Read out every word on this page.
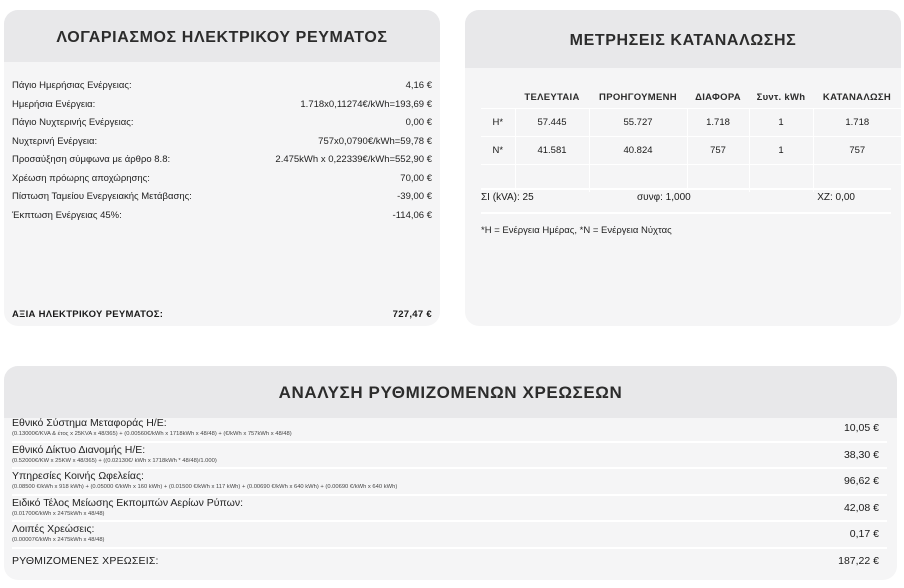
ΛΟΓΑΡΙΑΣΜΟΣ ΗΛΕΚΤΡΙΚΟΥ ΡΕΥΜΑΤΟΣ
Πάγιο Ημερήσιας Ενέργειας:	4,16 €
Ημερήσια Ενέργεια:	1.718x0,11274€/kWh=193,69 €
Πάγιο Νυχτερινής Ενέργειας:	0,00 €
Νυχτερινή Ενέργεια:	757x0,0790€/kWh=59,78 €
Προσαύξηση σύμφωνα με άρθρο 8.8:	2.475kWh x 0,22339€/kWh=552,90 €
Χρέωση πρόωρης αποχώρησης:	70,00 €
Πίστωση Ταμείου Ενεργειακής Μετάβασης:	-39,00 €
Έκπτωση Ενέργειας 45%:	-114,06 €
ΑΞΙΑ ΗΛΕΚΤΡΙΚΟΥ ΡΕΥΜΑΤΟΣ:	727,47 €
ΜΕΤΡΗΣΕΙΣ ΚΑΤΑΝΑΛΩΣΗΣ
	ΤΕΛΕΥΤΑΙΑ	ΠΡΟΗΓΟΥΜΕΝΗ	ΔΙΑΦΟΡΑ	Συντ. kWh	ΚΑΤΑΝΑΛΩΣΗ
Η*	57.445	55.727	1.718	1	1.718
Ν*	41.581	40.824	757	1	757

ΣΙ (kVA): 25	συνφ: 1,000	ΧΖ: 0,00
*Η = Ενέργεια Ημέρας, *Ν = Ενέργεια Νύχτας
ΑΝΑΛΥΣΗ ΡΥΘΜΙΖΟΜΕΝΩΝ ΧΡΕΩΣΕΩΝ
Εθνικό Σύστημα Μεταφοράς Η/Ε:
(0.13000€/KVA & έτος x 25KVA x 48/365) + (0.00560€/kWh x 1718kWh x 48/48) + (€/kWh x 757kWh x 48/48)	10,05 €
Εθνικό Δίκτυο Διανομής Η/Ε:
(0.52000€/KW x 25KW x 48/365) + ((0.02130€/ kWh x 1718kWh * 48/48)/1.000)	38,30 €
Υπηρεσίες Κοινής Ωφελείας:
(0.08500 €/kWh x 918 kWh) + (0.05000 €/kWh x 160 kWh) + (0.01500 €/kWh x 117 kWh) + (0.00690 €/kWh x 640 kWh) + (0.00690 €/kWh x 640 kWh)	96,62 €
Ειδικό Τέλος Μείωσης Εκπομπών Αερίων Ρύπων:
(0.01700€/kWh x 2475kWh x 48/48)	42,08 €
Λοιπές Χρεώσεις:
(0.00007€/kWh x 2475kWh x 48/48)	0,17 €
ΡΥΘΜΙΖΟΜΕΝΕΣ ΧΡΕΩΣΕΙΣ:	187,22 €
